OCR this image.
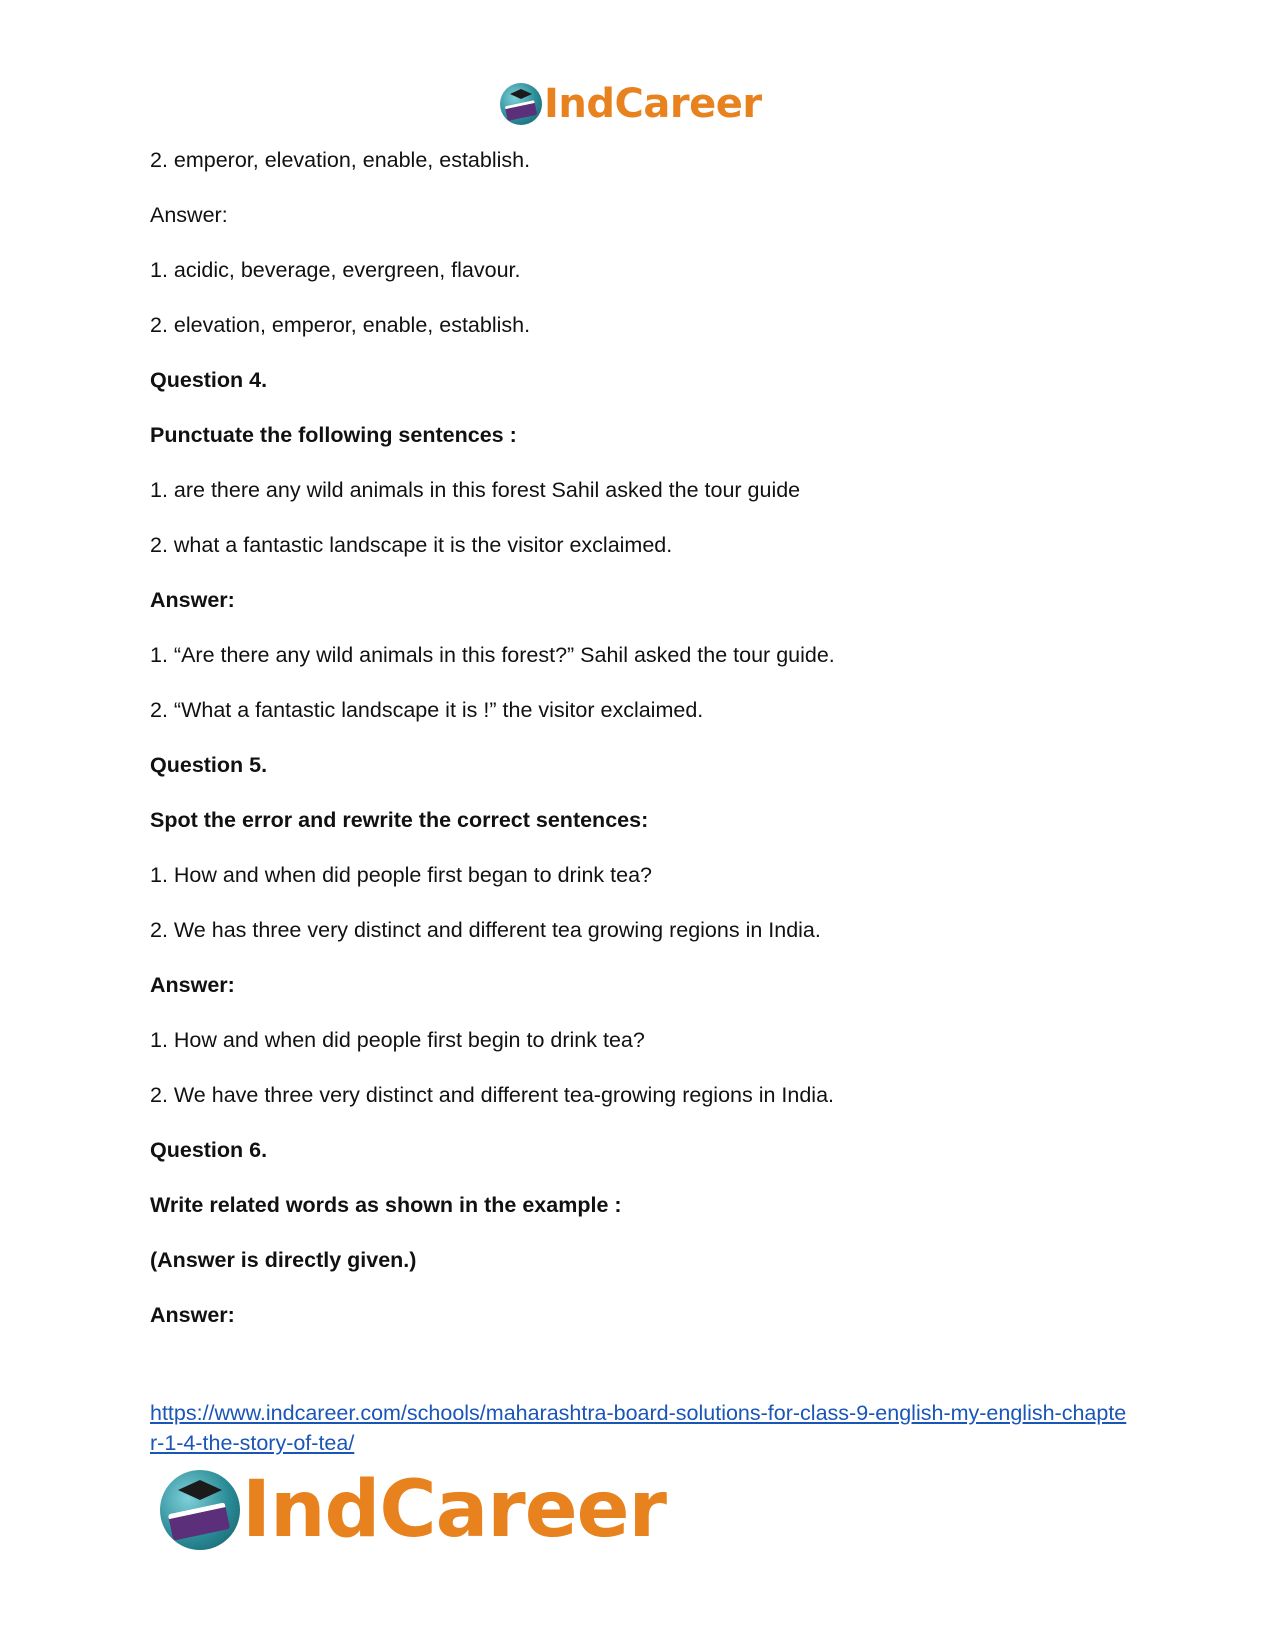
IndCareer
2. emperor, elevation, enable, establish.
Answer:
1. acidic, beverage, evergreen, flavour.
2. elevation, emperor, enable, establish.
Question 4.
Punctuate the following sentences :
1. are there any wild animals in this forest Sahil asked the tour guide
2. what a fantastic landscape it is the visitor exclaimed.
Answer:
1. “Are there any wild animals in this forest?” Sahil asked the tour guide.
2. “What a fantastic landscape it is !” the visitor exclaimed.
Question 5.
Spot the error and rewrite the correct sentences:
1. How and when did people first began to drink tea?
2. We has three very distinct and different tea growing regions in India.
Answer:
1. How and when did people first begin to drink tea?
2. We have three very distinct and different tea-growing regions in India.
Question 6.
Write related words as shown in the example :
(Answer is directly given.)
Answer:
https://www.indcareer.com/schools/maharashtra-board-solutions-for-class-9-english-my-english-chapter-1-4-the-story-of-tea/
IndCareer
